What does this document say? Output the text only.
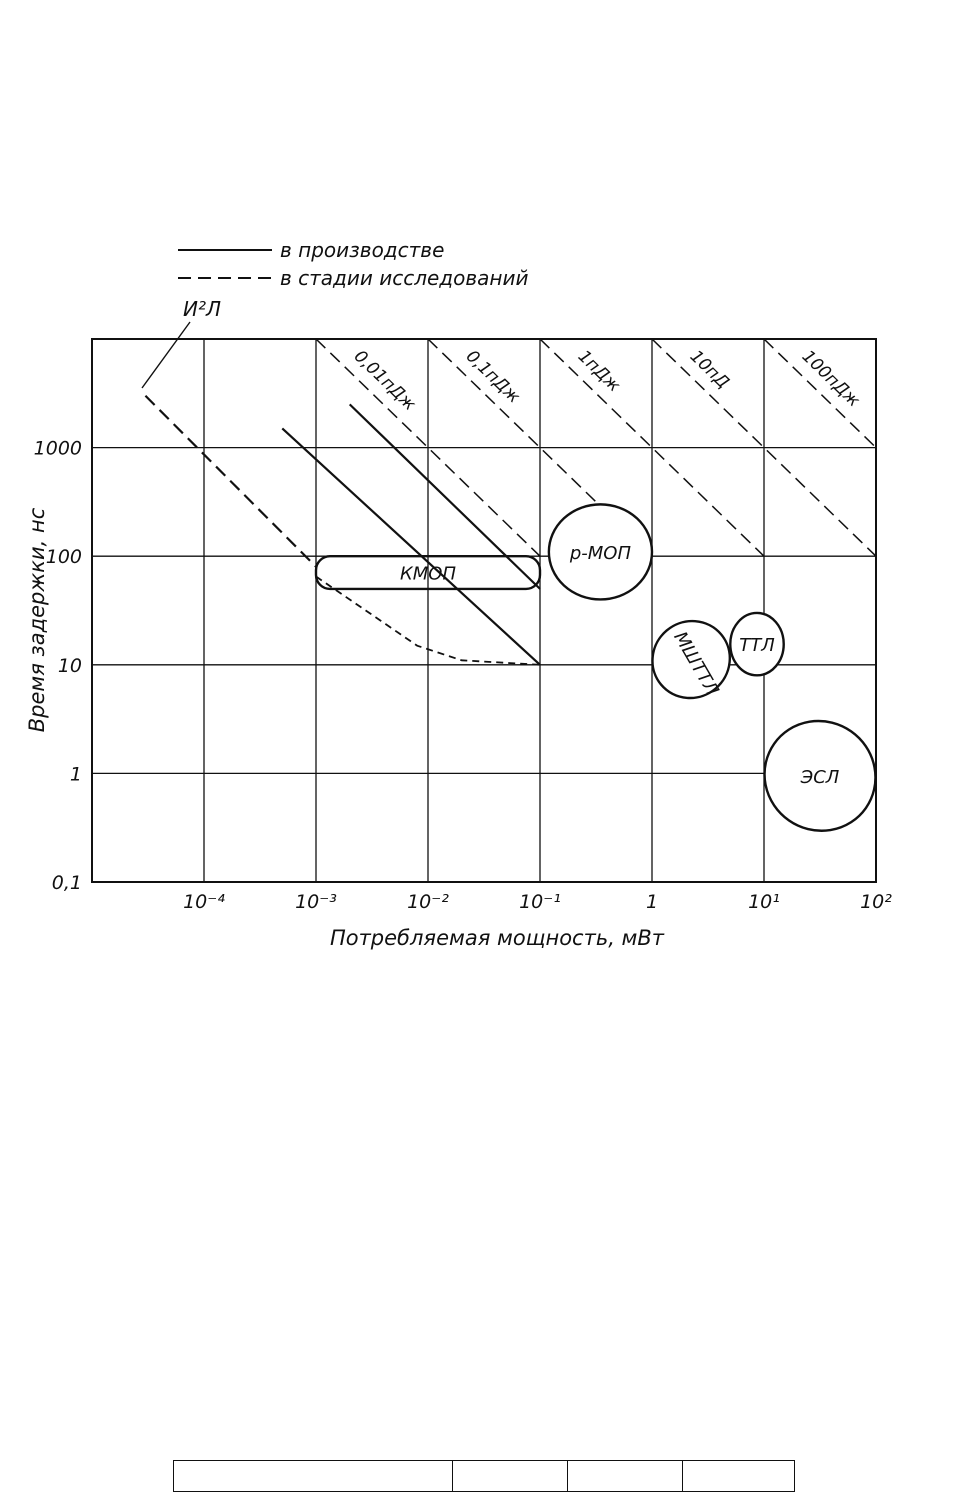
в производстве
в стадии исследований
0,01пДж 0,1пДж	1пДж	10пД	100пДж
КМОП
p-МОП
МШТТЛ ТТЛ
ЭСЛ
10⁻⁴	10⁻³	10⁻²	10⁻¹	1	10¹	10²
0,1
1
10
100
1000
Потребляемая мощность, мВт
Время задержки, нс
И²Л
